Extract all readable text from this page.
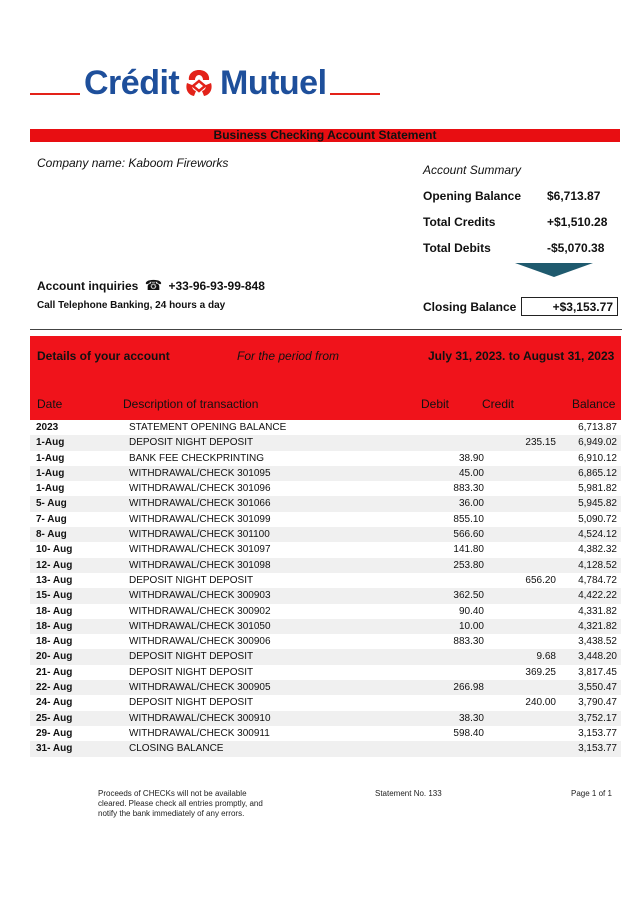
Crédit Mutuel
Business Checking Account Statement
Company name: Kaboom Fireworks	Account Summary
Opening Balance $6,713.87
Total Credits	+$1,510.28
Total Debits	-$5,070.38
Account inquiries ☎ +33-96-93-99-848
Call Telephone Banking, 24 hours a day	Closing Balance	+$3,153.77
Details of your account	For the period from	July 31, 2023. to August 31, 2023
Date	Description of transaction	Debit	Credit	Balance
2023	STATEMENT OPENING BALANCE			6,713.87
1-Aug	DEPOSIT NIGHT DEPOSIT		235.15	6,949.02
1-Aug	BANK FEE CHECKPRINTING	38.90		6,910.12
1-Aug	WITHDRAWAL/CHECK 301095	45.00		6,865.12
1-Aug	WITHDRAWAL/CHECK 301096	883.30		5,981.82
5- Aug	WITHDRAWAL/CHECK 301066	36.00		5,945.82
7- Aug	WITHDRAWAL/CHECK 301099	855.10		5,090.72
8- Aug	WITHDRAWAL/CHECK 301100	566.60		4,524.12
10- Aug	WITHDRAWAL/CHECK 301097	141.80		4,382.32
12- Aug	WITHDRAWAL/CHECK 301098	253.80		4,128.52
13- Aug	DEPOSIT NIGHT DEPOSIT		656.20	4,784.72
15- Aug	WITHDRAWAL/CHECK 300903	362.50		4,422.22
18- Aug	WITHDRAWAL/CHECK 300902	90.40		4,331.82
18- Aug	WITHDRAWAL/CHECK 301050	10.00		4,321.82
18- Aug	WITHDRAWAL/CHECK 300906	883.30		3,438.52
20- Aug	DEPOSIT NIGHT DEPOSIT		9.68	3,448.20
21- Aug	DEPOSIT NIGHT DEPOSIT		369.25	3,817.45
22- Aug	WITHDRAWAL/CHECK 300905	266.98		3,550.47
24- Aug	DEPOSIT NIGHT DEPOSIT		240.00	3,790.47
25- Aug	WITHDRAWAL/CHECK 300910	38.30		3,752.17
29- Aug	WITHDRAWAL/CHECK 300911	598.40		3,153.77
31- Aug	CLOSING BALANCE			3,153.77
Proceeds of CHECKs will not be available
cleared. Please check all entries promptly, and
notify the bank immediately of any errors.
Statement No. 133	Page 1 of 1
